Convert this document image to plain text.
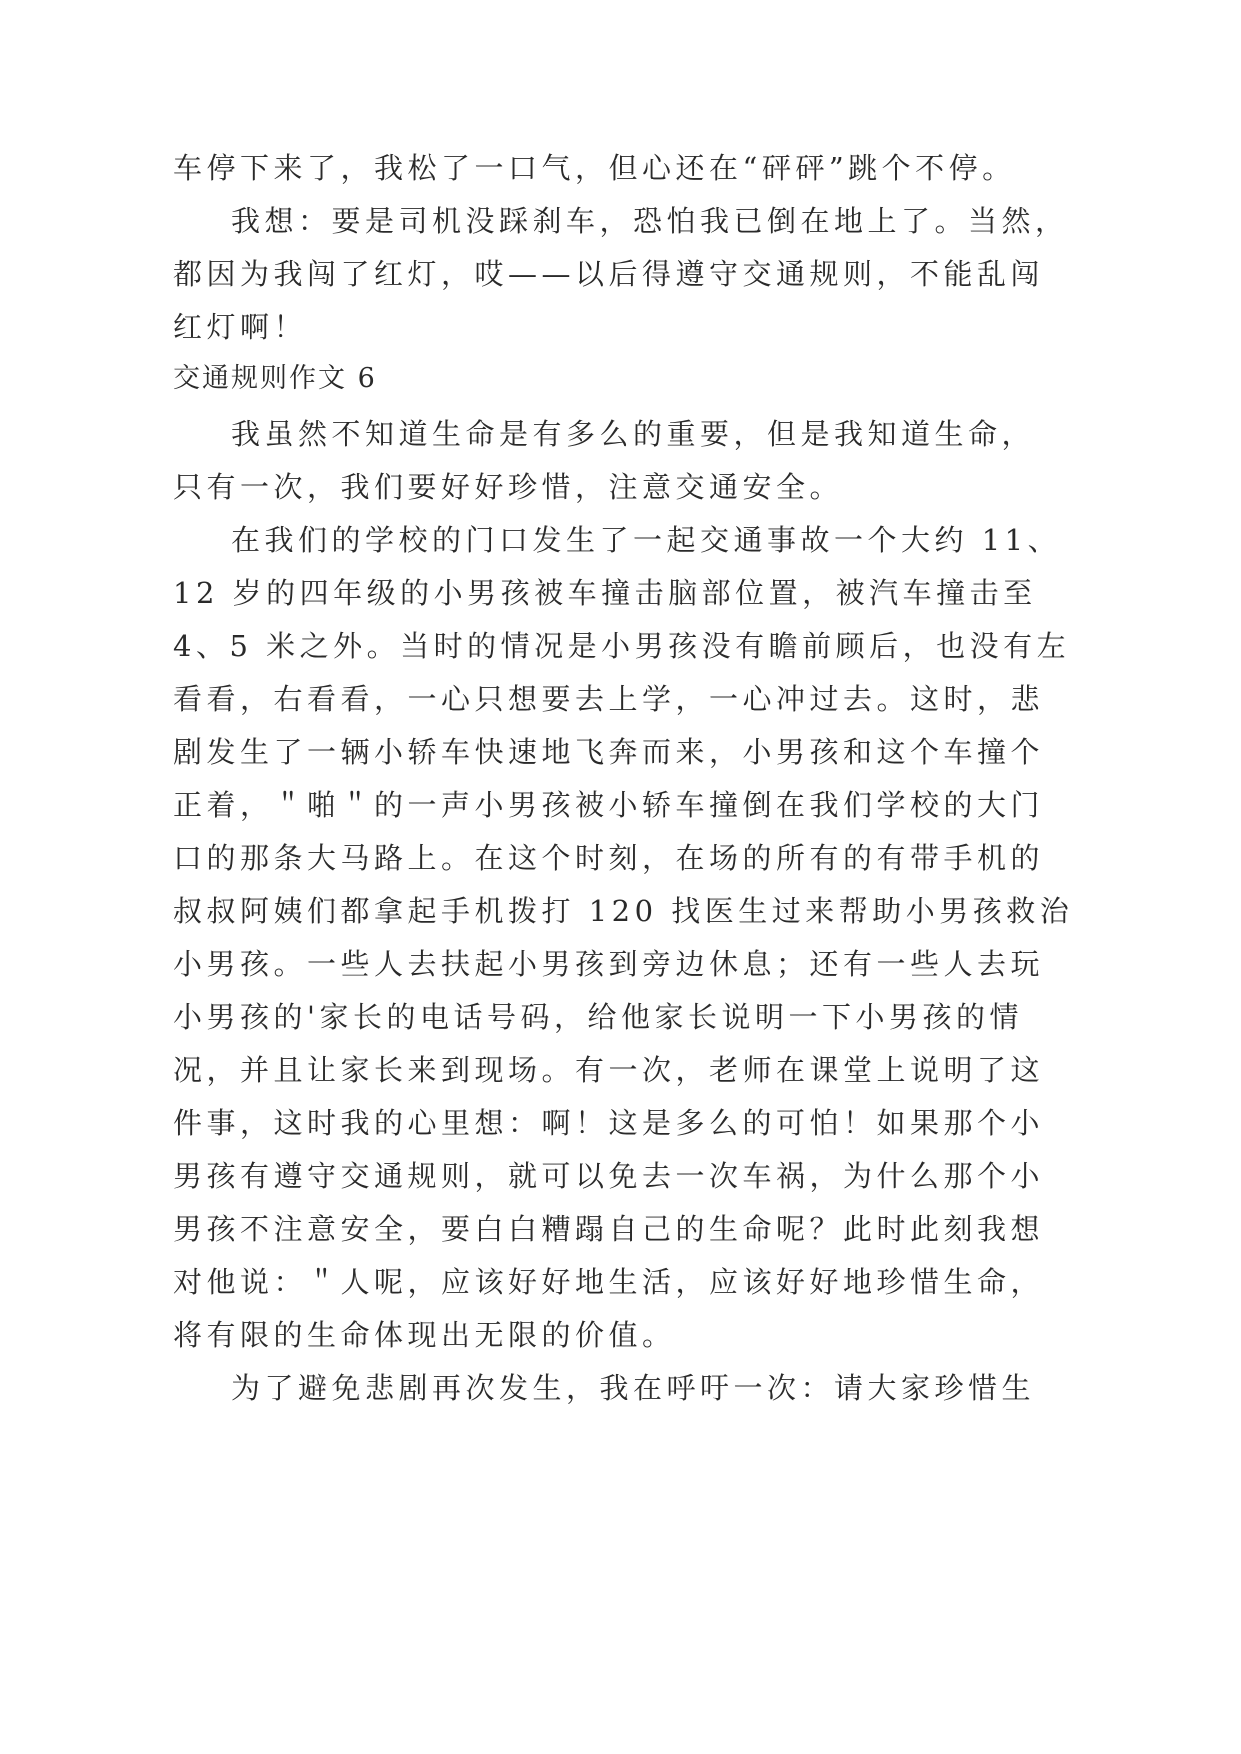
车停下来了，我松了一口气，但心还在“砰砰”跳个不停。
我想：要是司机没踩刹车，恐怕我已倒在地上了。当然，
都因为我闯了红灯，哎——以后得遵守交通规则，不能乱闯
红灯啊！
交通规则作文 6
我虽然不知道生命是有多么的重要，但是我知道生命，
只有一次，我们要好好珍惜，注意交通安全。
在我们的学校的门口发生了一起交通事故一个大约 11、
12 岁的四年级的小男孩被车撞击脑部位置，被汽车撞击至
4、5 米之外。当时的情况是小男孩没有瞻前顾后，也没有左
看看，右看看，一心只想要去上学，一心冲过去。这时，悲
剧发生了一辆小轿车快速地飞奔而来，小男孩和这个车撞个
正着，＂啪＂的一声小男孩被小轿车撞倒在我们学校的大门
口的那条大马路上。在这个时刻，在场的所有的有带手机的
叔叔阿姨们都拿起手机拨打 120 找医生过来帮助小男孩救治
小男孩。一些人去扶起小男孩到旁边休息；还有一些人去玩
小男孩的'家长的电话号码，给他家长说明一下小男孩的情
况，并且让家长来到现场。有一次，老师在课堂上说明了这
件事，这时我的心里想：啊！这是多么的可怕！如果那个小
男孩有遵守交通规则，就可以免去一次车祸，为什么那个小
男孩不注意安全，要白白糟蹋自己的生命呢？此时此刻我想
对他说：＂人呢，应该好好地生活，应该好好地珍惜生命，
将有限的生命体现出无限的价值。
为了避免悲剧再次发生，我在呼吁一次：请大家珍惜生
